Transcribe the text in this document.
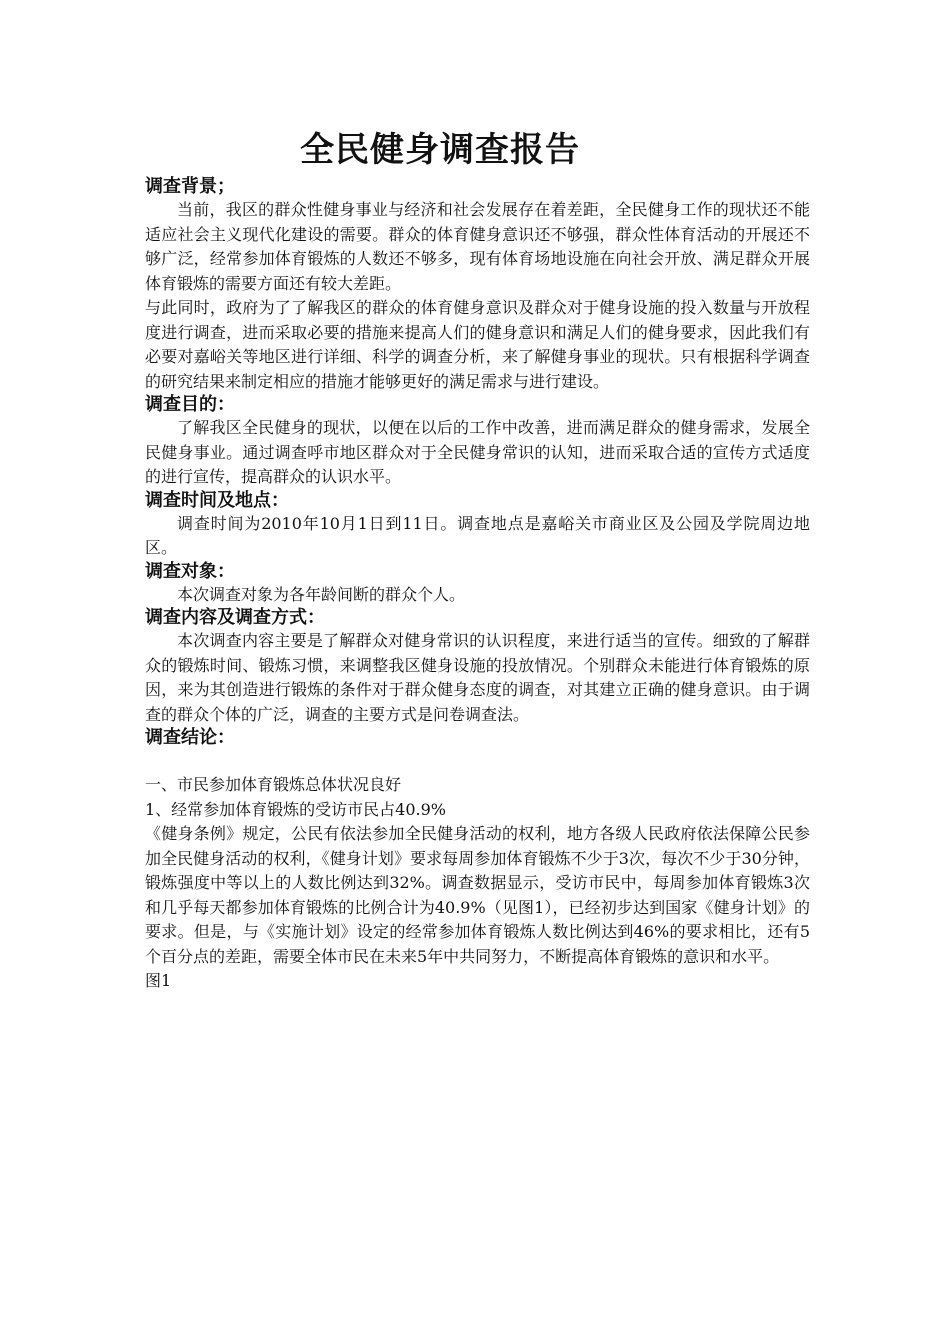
全民健身调查报告

调查背景；

当前，我区的群众性健身事业与经济和社会发展存在着差距，全民健身工作的现状还不能适应社会主义现代化建设的需要。群众的体育健身意识还不够强，群众性体育活动的开展还不够广泛，经常参加体育锻炼的人数还不够多，现有体育场地设施在向社会开放、满足群众开展体育锻炼的需要方面还有较大差距。

与此同时，政府为了了解我区的群众的体育健身意识及群众对于健身设施的投入数量与开放程度进行调查，进而采取必要的措施来提高人们的健身意识和满足人们的健身要求，因此我们有必要对嘉峪关等地区进行详细、科学的调查分析，来了解健身事业的现状。只有根据科学调查的研究结果来制定相应的措施才能够更好的满足需求与进行建设。

调查目的：

了解我区全民健身的现状，以便在以后的工作中改善，进而满足群众的健身需求，发展全民健身事业。通过调查呼市地区群众对于全民健身常识的认知，进而采取合适的宣传方式适度的进行宣传，提高群众的认识水平。

调查时间及地点：

调查时间为2010年10月1日到11日。调查地点是嘉峪关市商业区及公园及学院周边地区。

调查对象：

本次调查对象为各年龄间断的群众个人。

调查内容及调查方式：

本次调查内容主要是了解群众对健身常识的认识程度，来进行适当的宣传。细致的了解群众的锻炼时间、锻炼习惯，来调整我区健身设施的投放情况。个别群众未能进行体育锻炼的原因，来为其创造进行锻炼的条件对于群众健身态度的调查，对其建立正确的健身意识。由于调查的群众个体的广泛，调查的主要方式是问卷调查法。

调查结论：

一、市民参加体育锻炼总体状况良好

1、经常参加体育锻炼的受访市民占40.9%

《健身条例》规定，公民有依法参加全民健身活动的权利，地方各级人民政府依法保障公民参加全民健身活动的权利，《健身计划》要求每周参加体育锻炼不少于3次，每次不少于30分钟，锻炼强度中等以上的人数比例达到32%。调查数据显示，受访市民中，每周参加体育锻炼3次和几乎每天都参加体育锻炼的比例合计为40.9%（见图1），已经初步达到国家《健身计划》的要求。但是，与《实施计划》设定的经常参加体育锻炼人数比例达到46%的要求相比，还有5个百分点的差距，需要全体市民在未来5年中共同努力，不断提高体育锻炼的意识和水平。

图1
